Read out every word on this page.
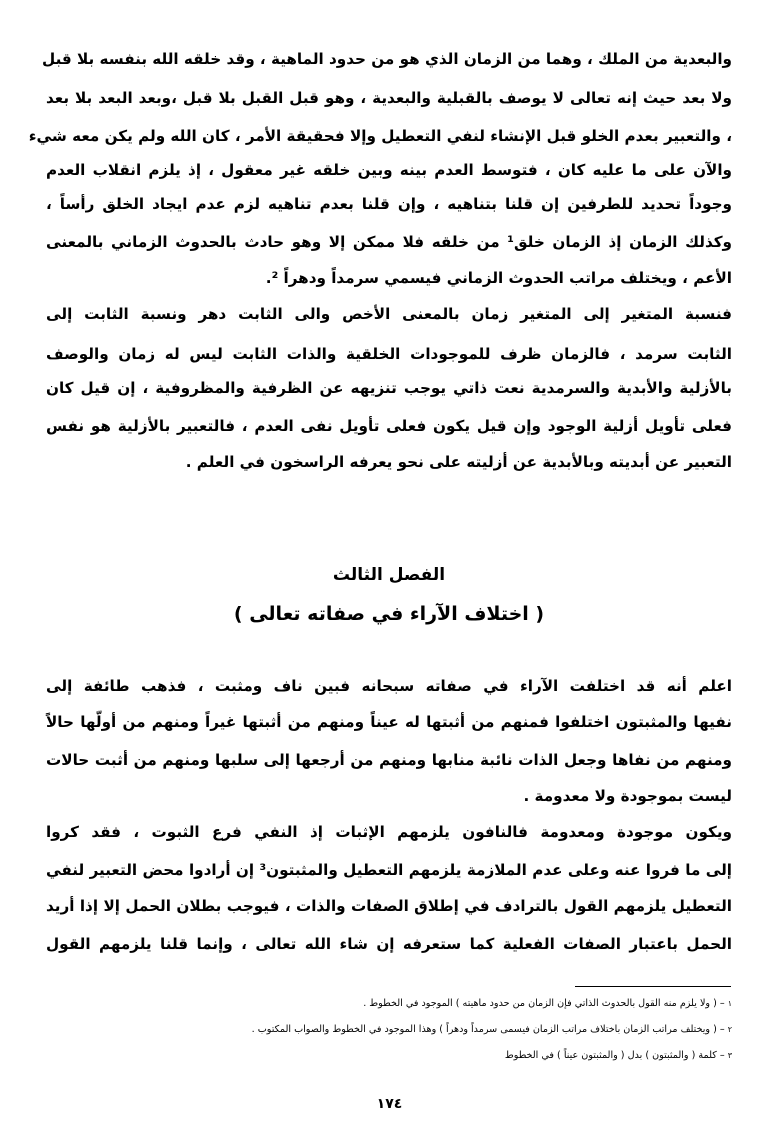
والبعدية من الملك ، وهما من الزمان الذي هو من حدود الماهية ، وقد خلقه الله بنفسه بلا قبل
ولا بعد حيث إنه تعالى لا يوصف بالقبلية والبعدية ، وهو قبل القبل بلا قبل ،وبعد البعد بلا بعد
، والتعبير بعدم الخلو قبل الإنشاء لنفي التعطيل وإلا فحقيقة الأمر ، كان الله ولم يكن معه شيء
والآن على ما عليه كان ، فتوسط العدم بينه وبين خلقه غير معقول ، إذ يلزم انقلاب العدم
وجوداً تحديد للطرفين إن قلنا بتناهيه ، وإن قلنا بعدم تناهيه لزم عدم ايجاد الخلق رأساً ،
وكذلك الزمان إذ الزمان خلق¹ من خلقه فلا ممكن إلا وهو حادث بالحدوث الزماني بالمعنى
الأعم ، ويختلف مراتب الحدوث الزماني فيسمي سرمداً ودهراً ².
فنسبة المتغير إلى المتغير زمان بالمعنى الأخص والى الثابت دهر ونسبة الثابت إلى
الثابت سرمد ، فالزمان ظرف للموجودات الخلقية والذات الثابت ليس له زمان والوصف
بالأزلية والأبدية والسرمدية نعت ذاتي يوجب تنزيهه عن الظرفية والمظروفية ، إن قيل كان
فعلى تأويل أزلية الوجود وإن قيل يكون فعلى تأويل نفى العدم ، فالتعبير بالأزلية هو نفس
التعبير عن أبديته وبالأبدية عن أزليته على نحو يعرفه الراسخون في العلم .
الفصل الثالث
( اختلاف الآراء في صفاته تعالى )
اعلم أنه قد اختلفت الآراء في صفاته سبحانه فبين ناف ومثبت ، فذهب طائفة إلى
نفيها والمثبتون اختلفوا فمنهم من أثبتها له عيناً ومنهم من أثبتها غيراً ومنهم من أولّها حالاً
ومنهم من نفاها وجعل الذات نائبة منابها ومنهم من أرجعها إلى سلبها ومنهم من أثبت حالات
ليست بموجودة ولا معدومة .
ويكون موجودة ومعدومة فالنافون يلزمهم الإثبات إذ النفي فرع الثبوت ، فقد كروا
إلى ما فروا عنه وعلى عدم الملازمة يلزمهم التعطيل والمثبتون³ إن أرادوا محض التعبير لنفي
التعطيل يلزمهم القول بالترادف في إطلاق الصفات والذات ، فيوجب بطلان الحمل إلا إذا أريد
الحمل باعتبار الصفات الفعلية كما ستعرفه إن شاء الله تعالى ، وإنما قلنا يلزمهم القول
$^١$– ( ولا يلزم منه القول بالحدوث الذاتي فإن الزمان من حدود ماهيته ) الموجود في الخطوط .
$^٢$– ( ويختلف مراتب الزمان باختلاف مراتب الزمان فيسمى سرمداً ودهراً ) وهذا الموجود في الخطوط والصواب المكتوب .
$^٣$– كلمة ( والمثبتون ) بدل ( والمثبتون عيناً ) في الخطوط
١٧٤
